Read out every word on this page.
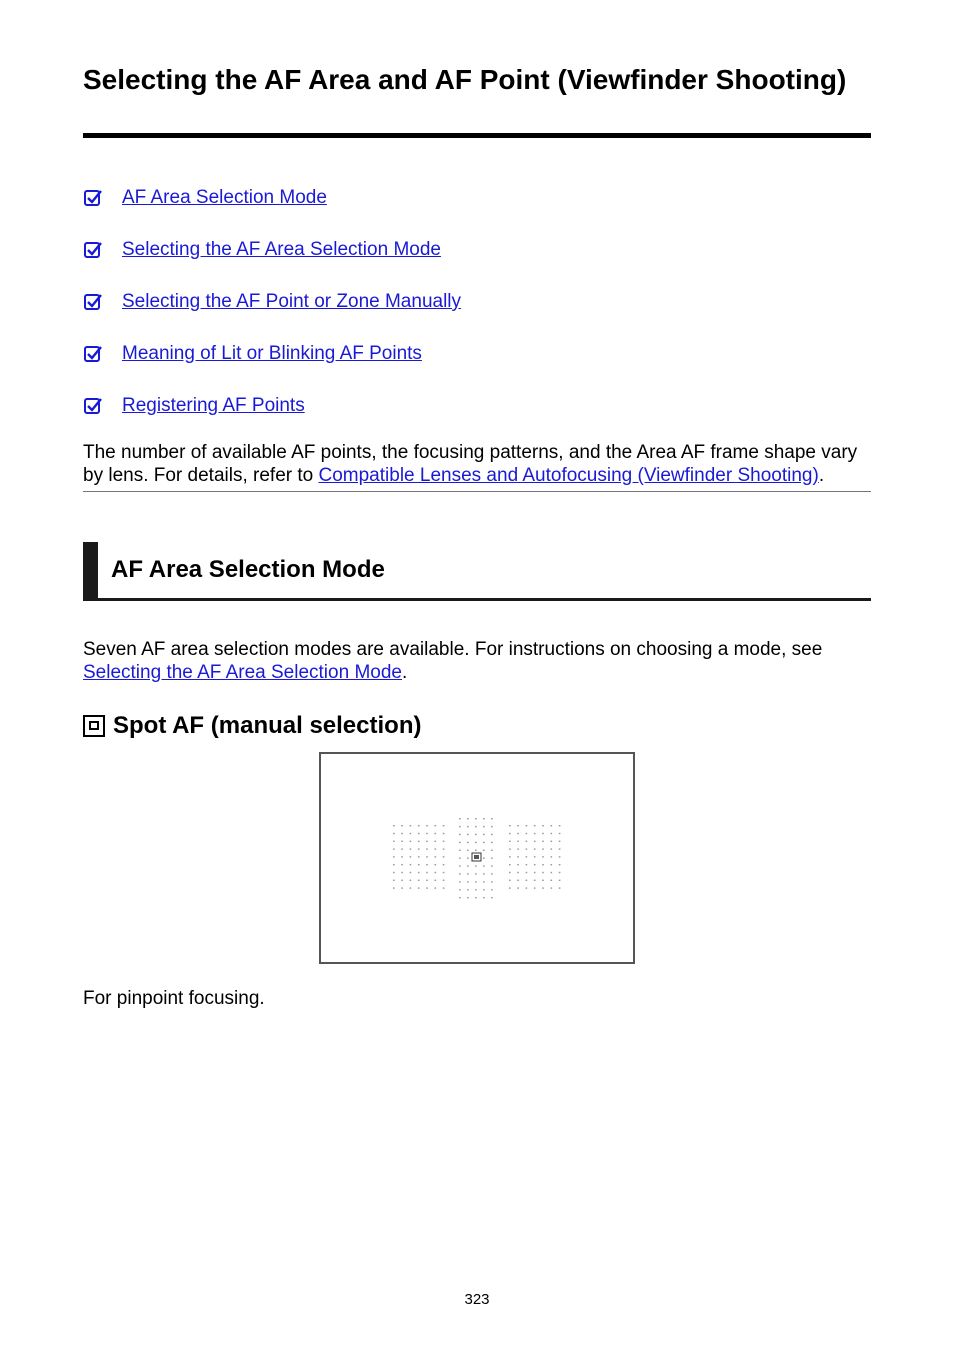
Selecting the AF Area and AF Point (Viewfinder Shooting)
AF Area Selection Mode
Selecting the AF Area Selection Mode
Selecting the AF Point or Zone Manually
Meaning of Lit or Blinking AF Points
Registering AF Points

The number of available AF points, the focusing patterns, and the Area AF frame shape vary by lens. For details, refer to Compatible Lenses and Autofocusing (Viewfinder Shooting).

AF Area Selection Mode

Seven AF area selection modes are available. For instructions on choosing a mode, see Selecting the AF Area Selection Mode.

Spot AF (manual selection)

For pinpoint focusing.

323
